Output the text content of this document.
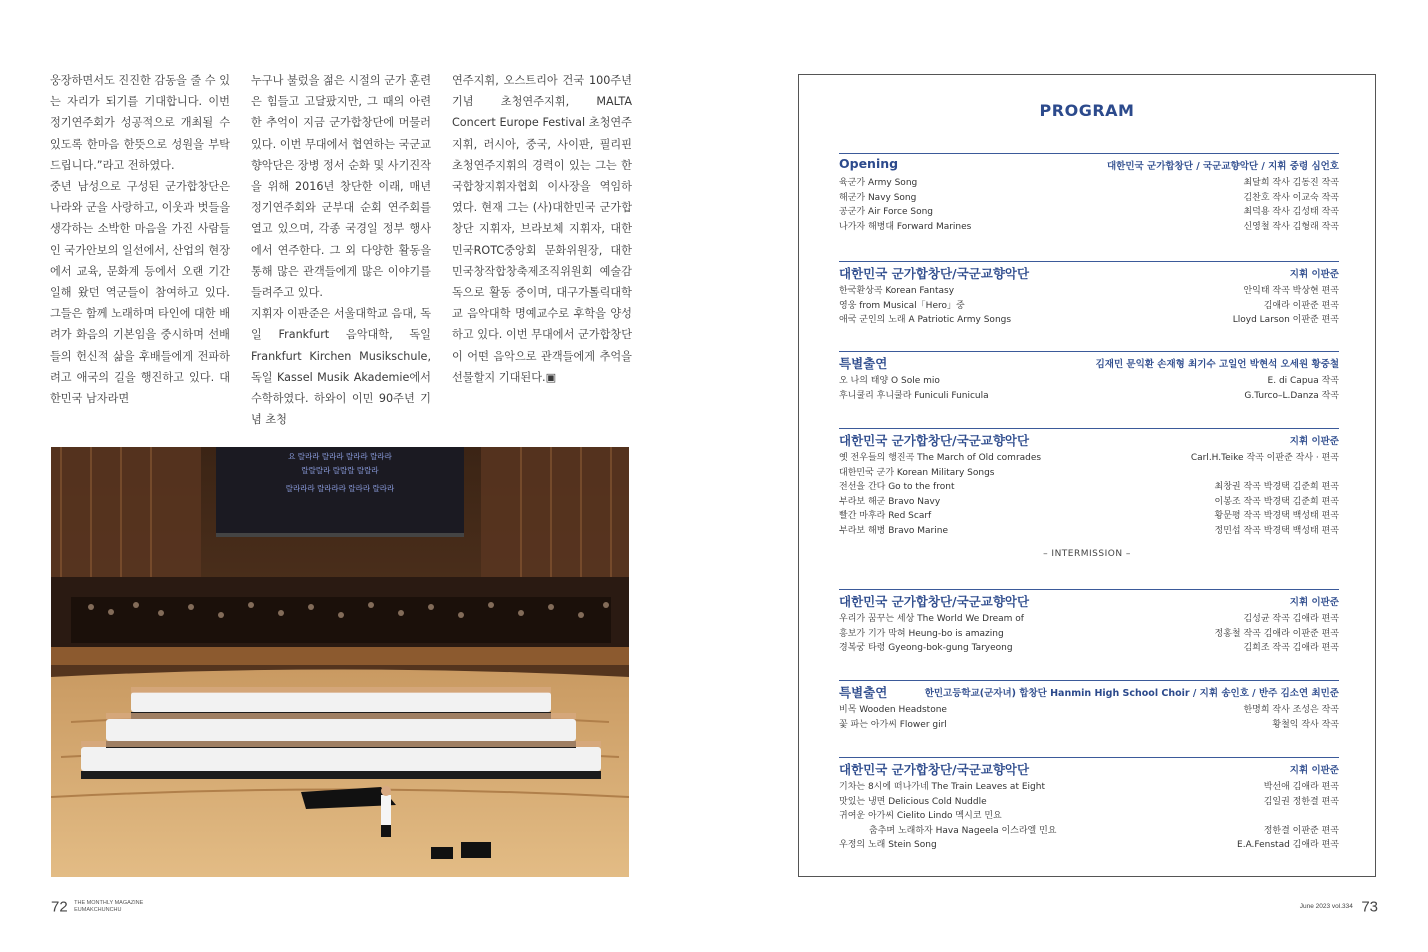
웅장하면서도 진진한 감동을 줄 수 있는 자리가 되기를 기대합니다. 이번 정기연주회가 성공적으로 개최될 수 있도록 한마음 한뜻으로 성원을 부탁드립니다.”라고 전하였다.

중년 남성으로 구성된 군가합창단은 나라와 군을 사랑하고, 이웃과 벗들을 생각하는 소박한 마음을 가진 사람들인 국가안보의 일선에서, 산업의 현장에서 교육, 문화계 등에서 오랜 기간 일해 왔던 역군들이 참여하고 있다. 그들은 함께 노래하며 타인에 대한 배려가 화음의 기본임을 중시하며 선배들의 헌신적 삶을 후배들에게 전파하려고 애국의 길을 행진하고 있다. 대한민국 남자라면

누구나 불렀을 젊은 시절의 군가 훈련은 힘들고 고달팠지만, 그 때의 아련한 추억이 지금 군가합창단에 머물러 있다. 이번 무대에서 협연하는 국군교향악단은 장병 정서 순화 및 사기진작을 위해 2016년 창단한 이래, 매년 정기연주회와 군부대 순회 연주회를 열고 있으며, 각종 국경일 정부 행사에서 연주한다. 그 외 다양한 활동을 통해 많은 관객들에게 많은 이야기를 들려주고 있다.

지휘자 이판준은 서울대학교 음대, 독일 Frankfurt 음악대학, 독일 Frankfurt Kirchen Musikschule, 독일 Kassel Musik Akademie에서 수학하였다. 하와이 이민 90주년 기념 초청

연주지휘, 오스트리아 건국 100주년 기념 초청연주지휘, MALTA Concert Europe Festival 초청연주지휘, 러시아, 중국, 사이판, 필리핀 초청연주지휘의 경력이 있는 그는 한국합창지휘자협회 이사장을 역임하였다. 현재 그는 (사)대한민국 군가합창단 지휘자, 브라보체 지휘자, 대한민국ROTC중앙회 문화위원장, 대한민국창작합창축제조직위원회 예술감독으로 활동 중이며, 대구가톨릭대학교 음악대학 명예교수로 후학을 양성하고 있다. 이번 무대에서 군가합창단이 어떤 음악으로 관객들에게 추억을 선물할지 기대된다.▣

요 랄라라 랄라라 랄라라 랄라라
랄랄랄라 랄랄랄 랄랄라
랄라라라 랄라라라 랄라라 랄라라
72 THE MONTHLY MAGAZINE
EUMAKCHUNCHU	June 2023 vol.334 73
PROGRAM
Opening	대한민국 군가합창단 / 국군교향악단 / 지휘 중령 심언호
육군가 Army Song	최달희 작사 김동진 작곡
해군가 Navy Song	김찬호 작사 이교숙 작곡
공군가 Air Force Song	최덕용 작사 김성태 작곡
나가자 해병대 Forward Marines	신영철 작사 김형래 작곡
대한민국 군가합창단/국군교향악단	지휘 이판준
한국환상곡 Korean Fantasy	안익태 작곡 박상현 편곡
영웅 from Musical「Hero」중	김애라 이판준 편곡
애국 군인의 노래 A Patriotic Army Songs	Lloyd Larson 이판준 편곡
특별출연	김재민 문익환 손재형 최기수 고일언 박현석 오세원 황중철
오 나의 태양 O Sole mio	E. di Capua 작곡
후니쿨리 후니쿨라 Funiculi Funicula	G.Turco–L.Danza 작곡
대한민국 군가합창단/국군교향악단	지휘 이판준
옛 전우들의 행진곡 The March of Old comrades	Carl.H.Teike 작곡 이판준 작사 · 편곡
대한민국 군가 Korean Military Songs
전선을 간다 Go to the front	최창권 작곡 박경택 김준희 편곡
부라보 해군 Bravo Navy	이봉조 작곡 박경택 김준희 편곡
빨간 마후라 Red Scarf	황문평 작곡 박경택 백성태 편곡
부라보 해병 Bravo Marine	정민섭 작곡 박경택 백성태 편곡
대한민국 군가합창단/국군교향악단	지휘 이판준
우리가 꿈꾸는 세상 The World We Dream of	김성균 작곡 김애라 편곡
흥보가 기가 막혀 Heung-bo is amazing	정홍철 작곡 김애라 이판준 편곡
경복궁 타령 Gyeong-bok-gung Taryeong	김희조 작곡 김애라 편곡
특별출연	한민고등학교(군자녀) 합창단 Hanmin High School Choir / 지휘 송인호 / 반주 김소연 최민준
비목 Wooden Headstone	한명희 작사 조성은 작곡
꽃 파는 아가씨 Flower girl	황철익 작사 작곡
대한민국 군가합창단/국군교향악단	지휘 이판준
기차는 8시에 떠나가네 The Train Leaves at Eight	박선애 김애라 편곡
맛있는 냉면 Delicious Cold Nuddle	김일권 정한결 편곡
귀여운 아가씨 Cielito Lindo 멕시코 민요
춤추며 노래하자 Hava Nageela 이스라엘 민요	정한결 이판준 편곡
우정의 노래 Stein Song	E.A.Fenstad 김애라 편곡
– INTERMISSION –
